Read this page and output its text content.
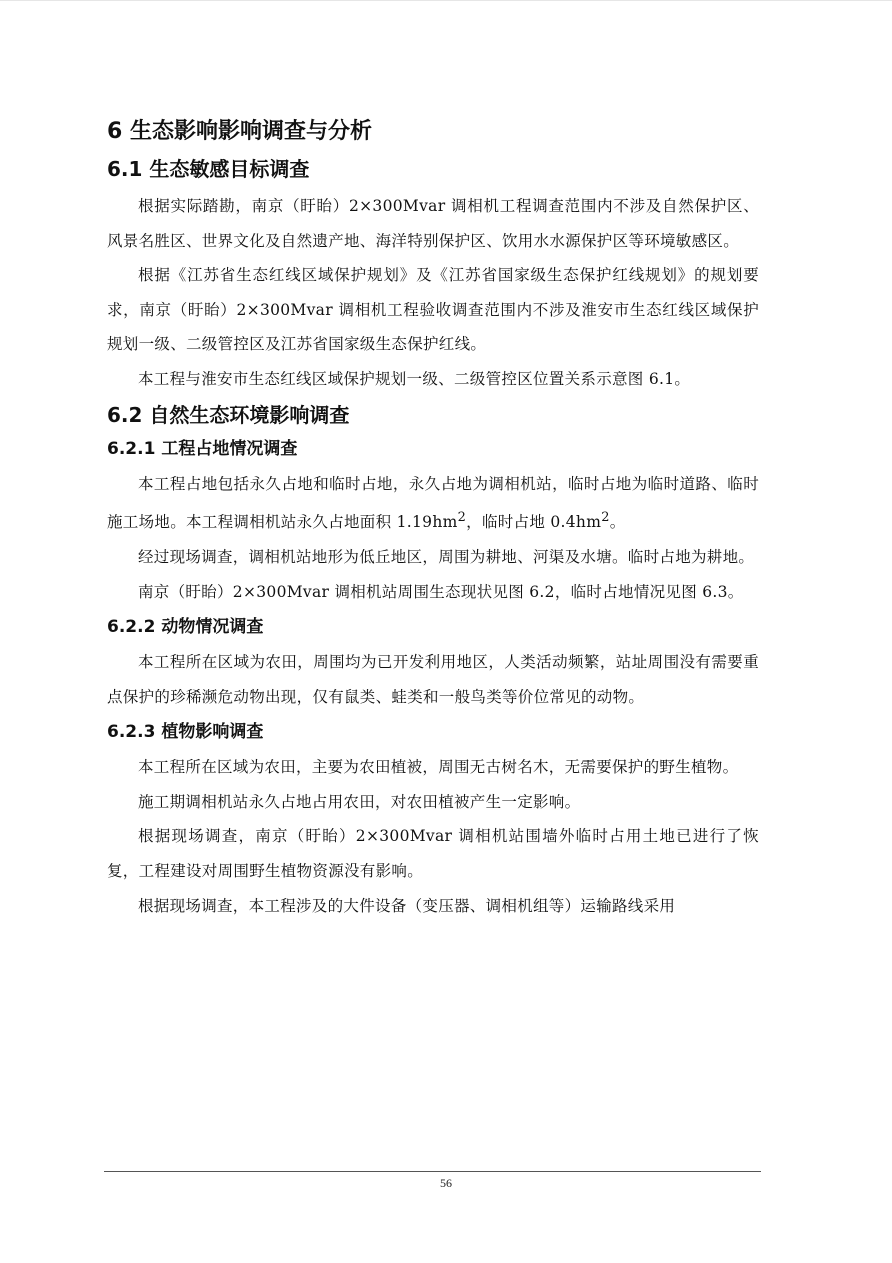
6 生态影响影响调查与分析
6.1 生态敏感目标调查

根据实际踏勘，南京（盱眙）2×300Mvar 调相机工程调查范围内不涉及自然保护区、风景名胜区、世界文化及自然遗产地、海洋特别保护区、饮用水水源保护区等环境敏感区。

根据《江苏省生态红线区域保护规划》及《江苏省国家级生态保护红线规划》的规划要求，南京（盱眙）2×300Mvar 调相机工程验收调查范围内不涉及淮安市生态红线区域保护规划一级、二级管控区及江苏省国家级生态保护红线。

本工程与淮安市生态红线区域保护规划一级、二级管控区位置关系示意图 6.1。

6.2 自然生态环境影响调查
6.2.1 工程占地情况调查

本工程占地包括永久占地和临时占地，永久占地为调相机站，临时占地为临时道路、临时施工场地。本工程调相机站永久占地面积 $1.19hm^2$，临时占地 $0.4hm^2$。

经过现场调查，调相机站地形为低丘地区，周围为耕地、河渠及水塘。临时占地为耕地。

南京（盱眙）2×300Mvar 调相机站周围生态现状见图 6.2，临时占地情况见图 6.3。

6.2.2 动物情况调查

本工程所在区域为农田，周围均为已开发利用地区，人类活动频繁，站址周围没有需要重点保护的珍稀濒危动物出现，仅有鼠类、蛙类和一般鸟类等价位常见的动物。

6.2.3 植物影响调查

本工程所在区域为农田，主要为农田植被，周围无古树名木，无需要保护的野生植物。

施工期调相机站永久占地占用农田，对农田植被产生一定影响。

根据现场调查，南京（盱眙）2×300Mvar 调相机站围墙外临时占用土地已进行了恢复，工程建设对周围野生植物资源没有影响。

根据现场调查，本工程涉及的大件设备（变压器、调相机组等）运输路线采用

56
